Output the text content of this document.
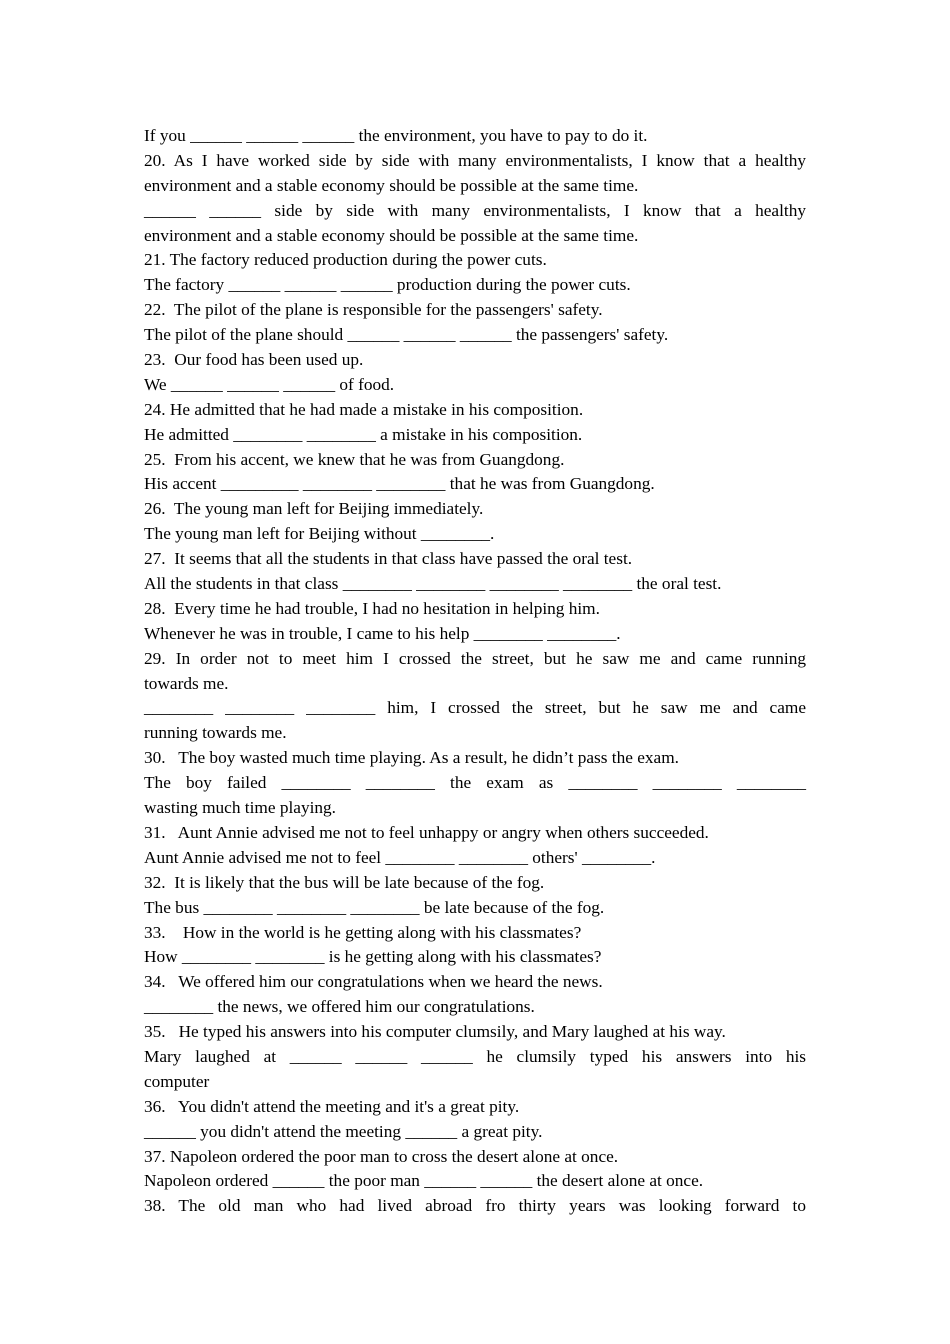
If you ______ ______ ______ the environment, you have to pay to do it.
20. As I have worked side by side with many environmentalists, I know that a healthy
environment and a stable economy should be possible at the same time.
______ ______ side by side with many environmentalists, I know that a healthy
environment and a stable economy should be possible at the same time.
21. The factory reduced production during the power cuts.
The factory ______ ______ ______ production during the power cuts.
22.  The pilot of the plane is responsible for the passengers' safety.
The pilot of the plane should ______ ______ ______ the passengers' safety.
23.  Our food has been used up.
We ______ ______ ______ of food.
24. He admitted that he had made a mistake in his composition.
He admitted ________ ________ a mistake in his composition.
25.  From his accent, we knew that he was from Guangdong.
His accent _________ ________ ________ that he was from Guangdong.
26.  The young man left for Beijing immediately.
The young man left for Beijing without ________.
27.  It seems that all the students in that class have passed the oral test.
All the students in that class ________ ________ ________ ________ the oral test.
28.  Every time he had trouble, I had no hesitation in helping him.
Whenever he was in trouble, I came to his help ________ ________.
29. In order not to meet him I crossed the street, but he saw me and came running
towards me.
________ ________ ________ him, I crossed the street, but he saw me and came
running towards me.
30.   The boy wasted much time playing. As a result, he didn’t pass the exam.
The boy failed ________ ________ the exam as ________ ________ ________
wasting much time playing.
31.   Aunt Annie advised me not to feel unhappy or angry when others succeeded.
Aunt Annie advised me not to feel ________ ________ others' ________.
32.  It is likely that the bus will be late because of the fog.
The bus ________ ________ ________ be late because of the fog.
33.    How in the world is he getting along with his classmates?
How ________ ________ is he getting along with his classmates?
34.   We offered him our congratulations when we heard the news.
________ the news, we offered him our congratulations.
35.   He typed his answers into his computer clumsily, and Mary laughed at his way.
Mary laughed at ______ ______ ______ he clumsily typed his answers into his
computer
36.   You didn't attend the meeting and it's a great pity.
______ you didn't attend the meeting ______ a great pity.
37. Napoleon ordered the poor man to cross the desert alone at once.
Napoleon ordered ______ the poor man ______ ______ the desert alone at once.
38. The old man who had lived abroad fro thirty years was looking forward to
